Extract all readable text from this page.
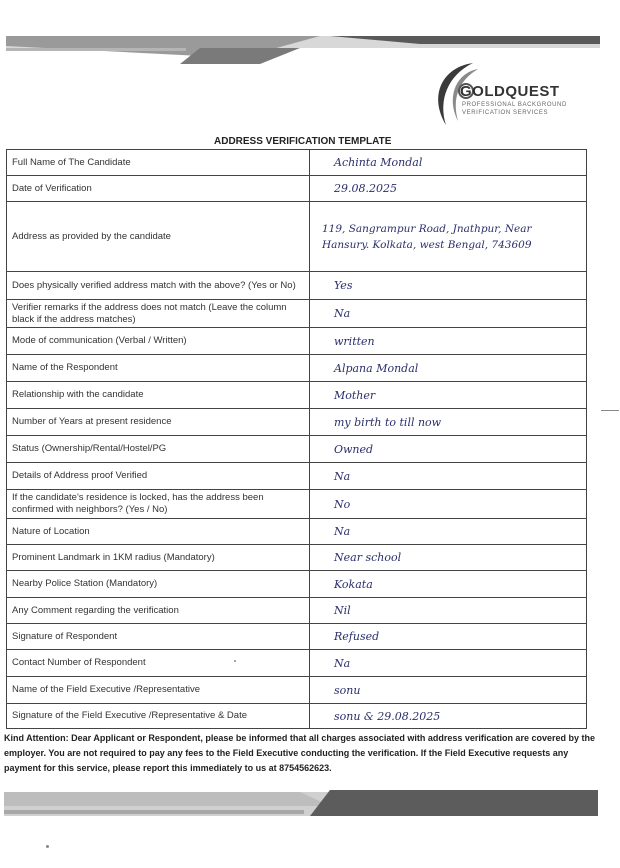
GOLDQUEST
PROFESSIONAL BACKGROUND VERIFICATION SERVICES
ADDRESS VERIFICATION TEMPLATE
Full Name of The Candidate	Achinta Mondal
Date of Verification	29.08.2025
Address as provided by the candidate	119, Sangrampur Road, Jnathpur, Near Hansury. Kolkata, west Bengal, 743609
Does physically verified address match with the above? (Yes or No)	Yes
Verifier remarks if the address does not match (Leave the column black if the address matches)	Na
Mode of communication (Verbal / Written)	written
Name of the Respondent	Alpana Mondal
Relationship with the candidate	Mother
Number of Years at present residence	my birth to till now
Status (Ownership/Rental/Hostel/PG	Owned
Details of Address proof Verified	Na
If the candidate's residence is locked, has the address been confirmed with neighbors? (Yes / No)	No
Nature of Location	Na
Prominent Landmark in 1KM radius (Mandatory)	Near school
Nearby Police Station (Mandatory)	Kokata
Any Comment regarding the verification	Nil
Signature of Respondent	Refused
Contact Number of Respondent	Na
Name of the Field Executive /Representative	sonu
Signature of the Field Executive /Representative & Date	sonu & 29.08.2025
Kind Attention: Dear Applicant or Respondent, please be informed that all charges associated with address verification are covered by the employer. You are not required to pay any fees to the Field Executive conducting the verification. If the Field Executive requests any payment for this service, please report this immediately to us at 8754562623.
